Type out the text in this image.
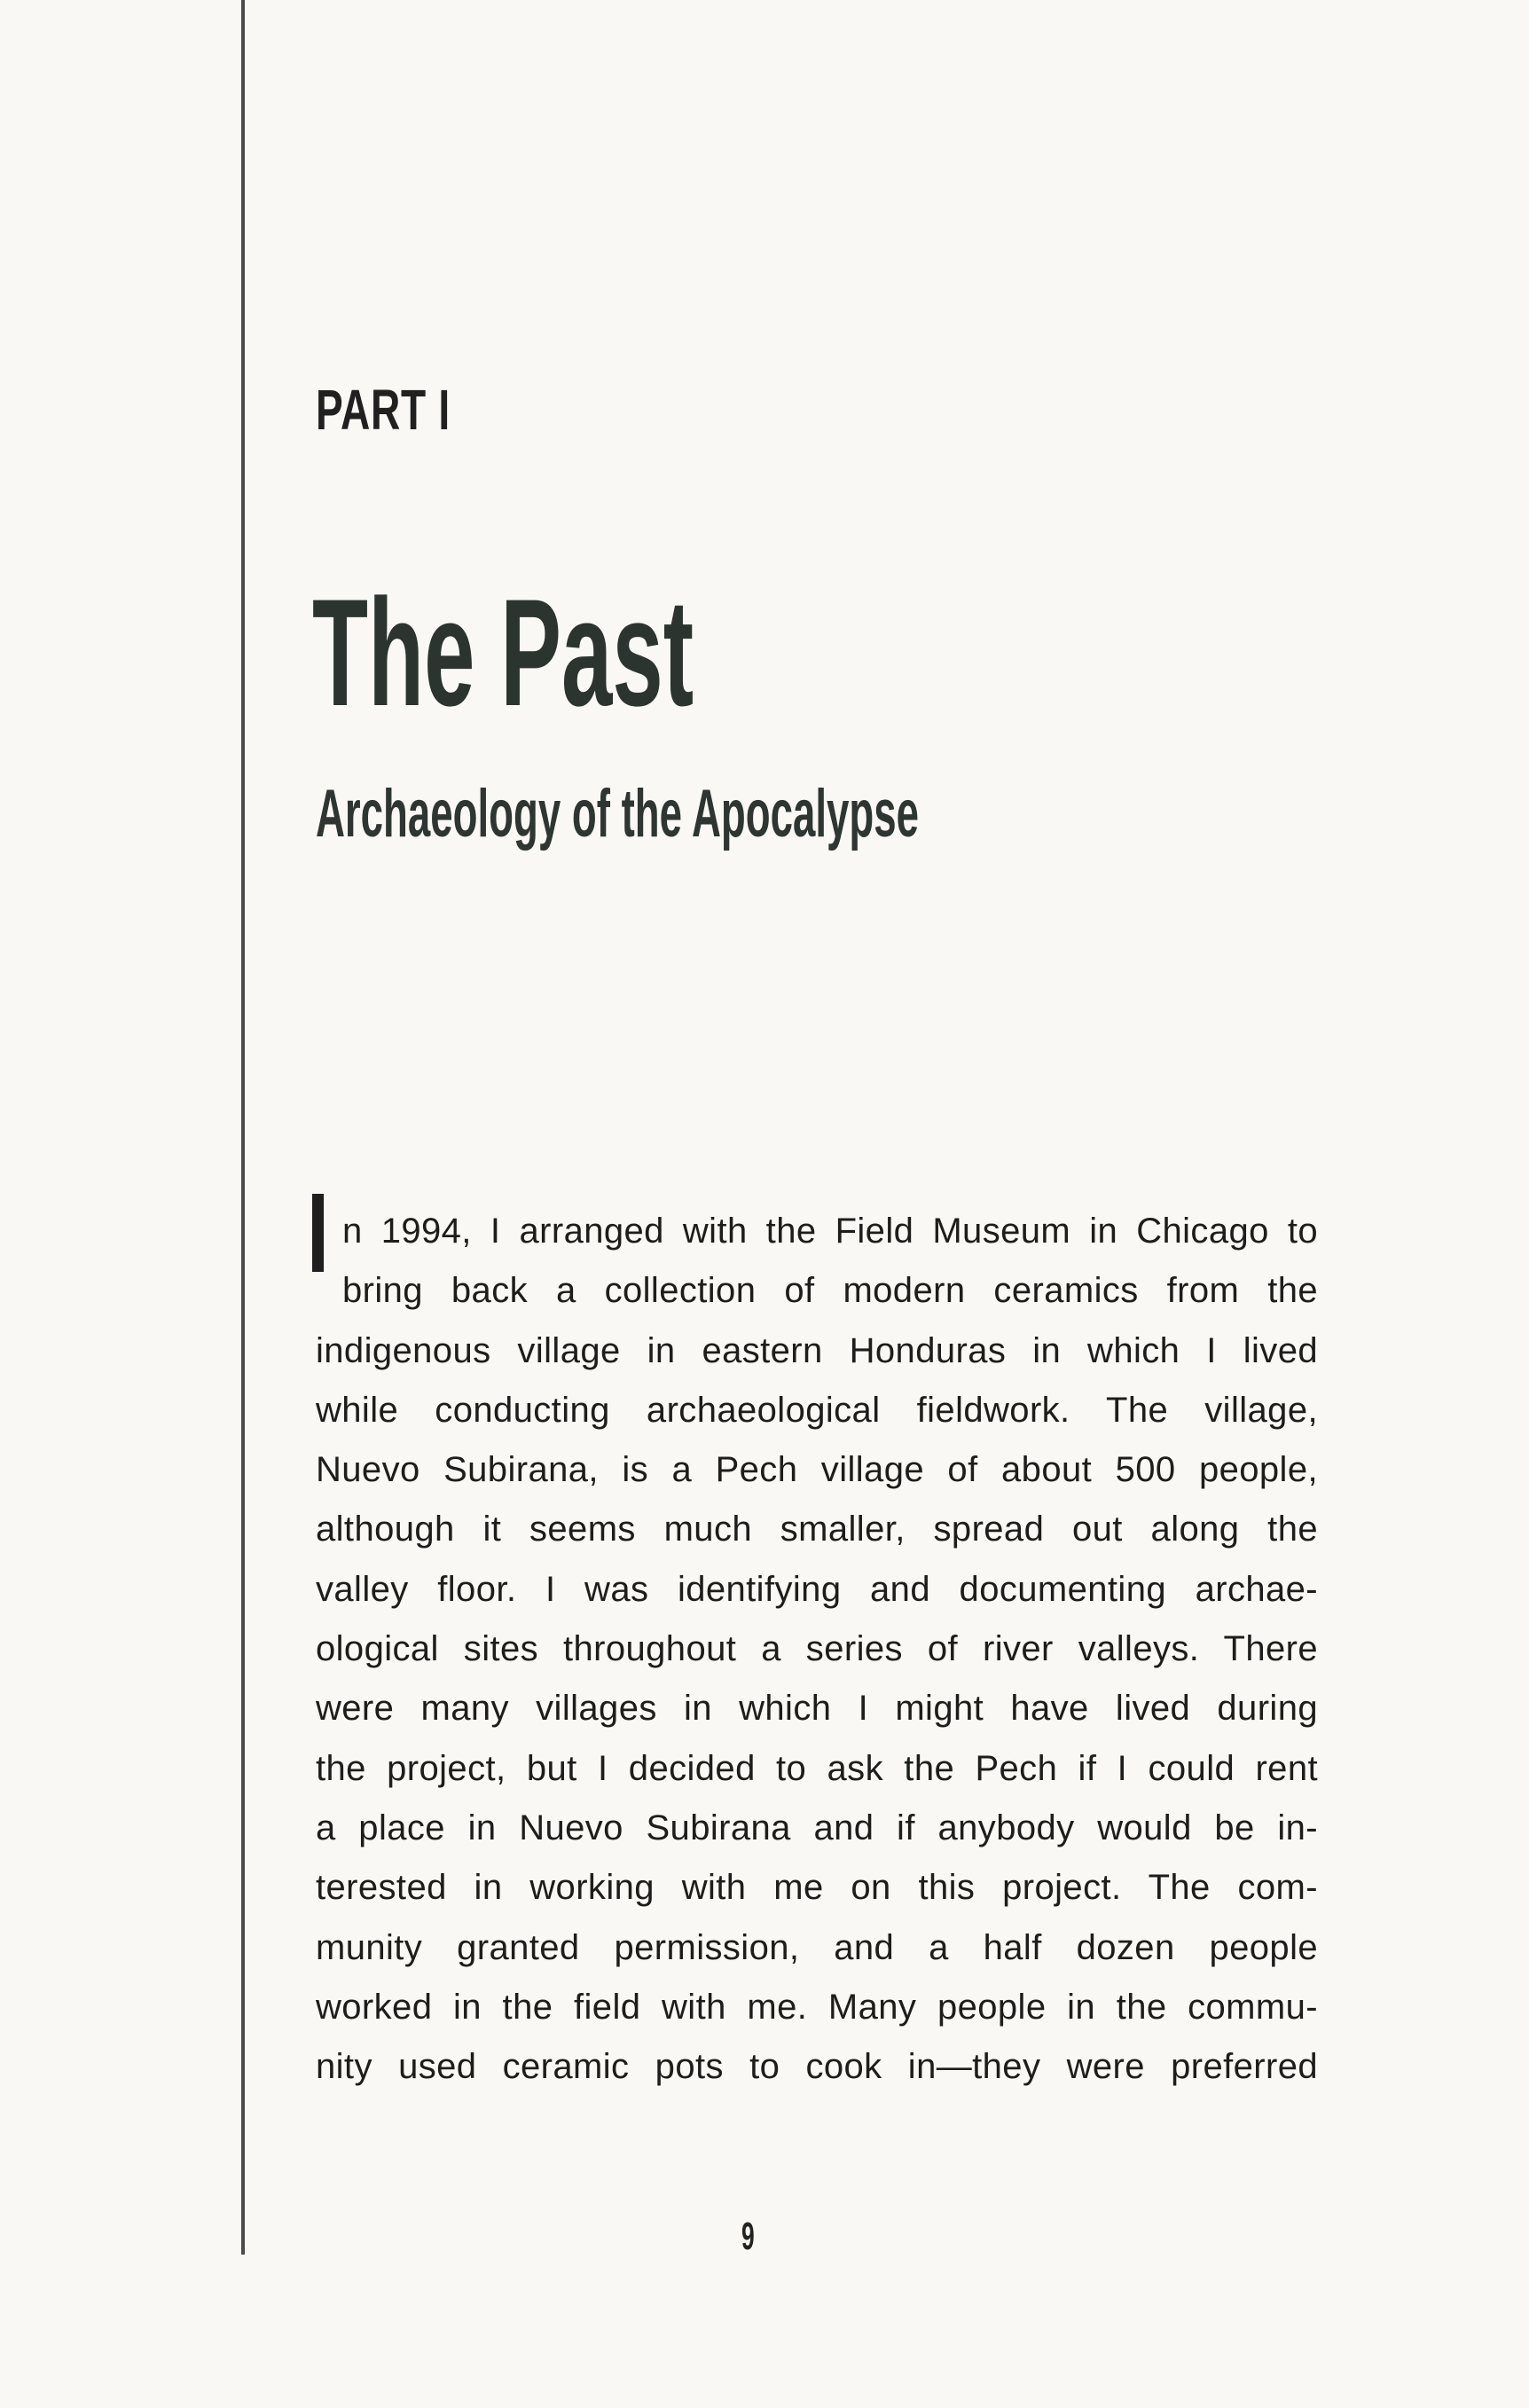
PART I
The Past
Archaeology of the Apocalypse
n 1994, I arranged with the Field Museum in Chicago to
bring back a collection of modern ceramics from the
indigenous village in eastern Honduras in which I lived
while conducting archaeological fieldwork. The village,
Nuevo Subirana, is a Pech village of about 500 people,
although it seems much smaller, spread out along the
valley floor. I was identifying and documenting archae-
ological sites throughout a series of river valleys. There
were many villages in which I might have lived during
the project, but I decided to ask the Pech if I could rent
a place in Nuevo Subirana and if anybody would be in-
terested in working with me on this project. The com-
munity granted permission, and a half dozen people
worked in the field with me. Many people in the commu-
nity used ceramic pots to cook in—they were preferred
9
